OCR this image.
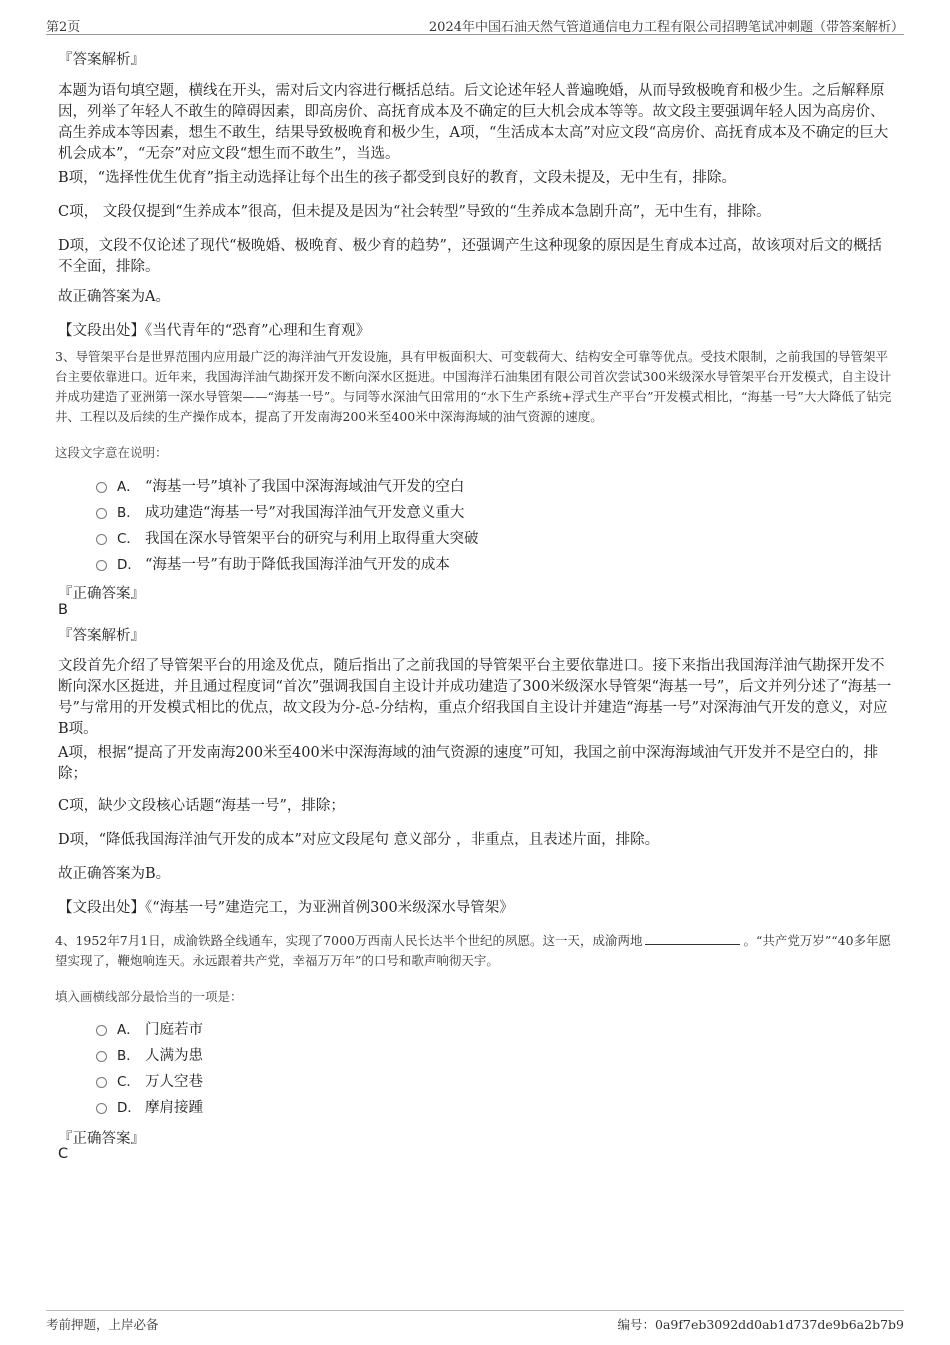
第2页	2024年中国石油天然气管道通信电力工程有限公司招聘笔试冲刺题（带答案解析）
『答案解析』
本题为语句填空题，横线在开头，需对后文内容进行概括总结。后文论述年轻人普遍晚婚，从而导致极晚育和极少生。之后解释原因，列举了年轻人不敢生的障碍因素，即高房价、高抚育成本及不确定的巨大机会成本等等。故文段主要强调年轻人因为高房价、高生养成本等因素，想生不敢生，结果导致极晚育和极少生，A项，“生活成本太高”对应文段“高房价、高抚育成本及不确定的巨大机会成本”，“无奈”对应文段“想生而不敢生”，当选。
B项，“选择性优生优育”指主动选择让每个出生的孩子都受到良好的教育，文段未提及，无中生有，排除。
C项， 文段仅提到“生养成本”很高，但未提及是因为“社会转型”导致的“生养成本急剧升高”，无中生有，排除。
D项，文段不仅论述了现代“极晚婚、极晚育、极少育的趋势”，还强调产生这种现象的原因是生育成本过高，故该项对后文的概括不全面，排除。
故正确答案为A。
【文段出处】《当代青年的“恐育”心理和生育观》
3、导管架平台是世界范围内应用最广泛的海洋油气开发设施，具有甲板面积大、可变载荷大、结构安全可靠等优点。受技术限制，之前我国的导管架平台主要依靠进口。近年来，我国海洋油气勘探开发不断向深水区挺进。中国海洋石油集团有限公司首次尝试300米级深水导管架平台开发模式，自主设计并成功建造了亚洲第一深水导管架——“海基一号”。与同等水深油气田常用的“水下生产系统+浮式生产平台”开发模式相比，“海基一号”大大降低了钻完井、工程以及后续的生产操作成本，提高了开发南海200米至400米中深海海域的油气资源的速度。
这段文字意在说明：
A． “海基一号”填补了我国中深海海域油气开发的空白
B． 成功建造“海基一号”对我国海洋油气开发意义重大
C． 我国在深水导管架平台的研究与利用上取得重大突破
D． “海基一号”有助于降低我国海洋油气开发的成本
『正确答案』
B
『答案解析』
文段首先介绍了导管架平台的用途及优点，随后指出了之前我国的导管架平台主要依靠进口。接下来指出我国海洋油气勘探开发不断向深水区挺进，并且通过程度词“首次”强调我国自主设计并成功建造了300米级深水导管架“海基一号”，后文并列分述了“海基一号”与常用的开发模式相比的优点，故文段为分-总-分结构，重点介绍我国自主设计并建造“海基一号”对深海油气开发的意义，对应B项。
A项，根据“提高了开发南海200米至400米中深海海域的油气资源的速度”可知，我国之前中深海海域油气开发并不是空白的，排除；
C项，缺少文段核心话题“海基一号”，排除；
D项，“降低我国海洋油气开发的成本”对应文段尾句 意义部分 ，非重点，且表述片面，排除。
故正确答案为B。
【文段出处】《“海基一号”建造完工，为亚洲首例300米级深水导管架》
4、1952年7月1日，成渝铁路全线通车，实现了7000万西南人民长达半个世纪的夙愿。这一天，成渝两地	。“共产党万岁”“40多年愿望实现了，鞭炮响连天。永远跟着共产党，幸福万万年”的口号和歌声响彻天宇。
填入画横线部分最恰当的一项是：
A． 门庭若市
B． 人满为患
C． 万人空巷
D． 摩肩接踵
『正确答案』
C
考前押题，上岸必备	编号：0a9f7eb3092dd0ab1d737de9b6a2b7b9
